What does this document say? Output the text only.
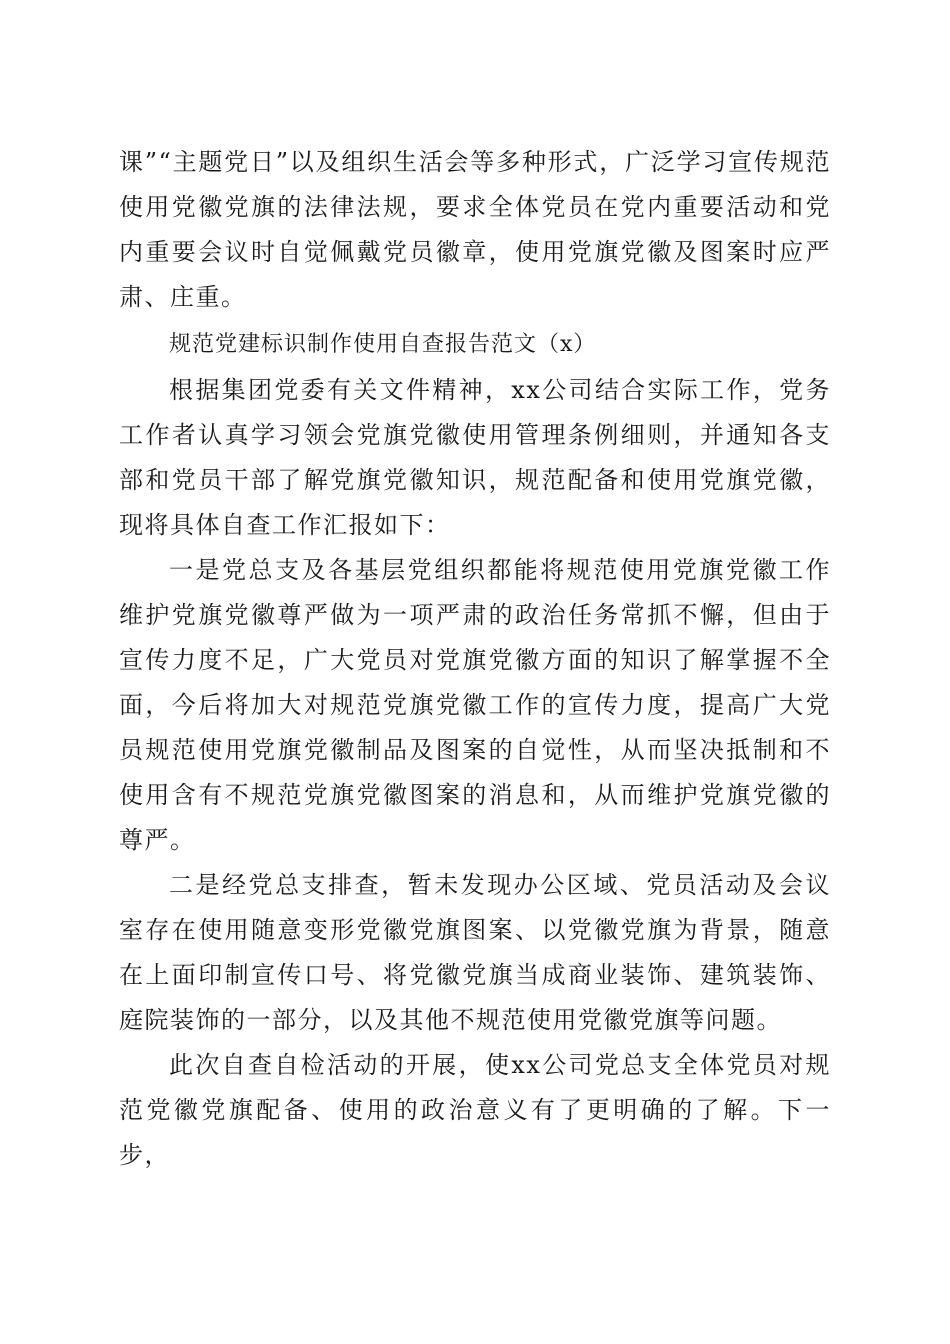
课”“主题党日”以及组织生活会等多种形式，广泛学习宣传规范使用党徽党旗的法律法规，要求全体党员在党内重要活动和党内重要会议时自觉佩戴党员徽章，使用党旗党徽及图案时应严肃、庄重。

规范党建标识制作使用自查报告范文（x）

根据集团党委有关文件精神，xx公司结合实际工作，党务工作者认真学习领会党旗党徽使用管理条例细则，并通知各支部和党员干部了解党旗党徽知识，规范配备和使用党旗党徽，现将具体自查工作汇报如下：

一是党总支及各基层党组织都能将规范使用党旗党徽工作维护党旗党徽尊严做为一项严肃的政治任务常抓不懈，但由于宣传力度不足，广大党员对党旗党徽方面的知识了解掌握不全面，今后将加大对规范党旗党徽工作的宣传力度，提高广大党员规范使用党旗党徽制品及图案的自觉性，从而坚决抵制和不使用含有不规范党旗党徽图案的消息和，从而维护党旗党徽的尊严。

二是经党总支排查，暂未发现办公区域、党员活动及会议室存在使用随意变形党徽党旗图案、以党徽党旗为背景，随意在上面印制宣传口号、将党徽党旗当成商业装饰、建筑装饰、庭院装饰的一部分，以及其他不规范使用党徽党旗等问题。

此次自查自检活动的开展，使xx公司党总支全体党员对规范党徽党旗配备、使用的政治意义有了更明确的了解。下一步，
